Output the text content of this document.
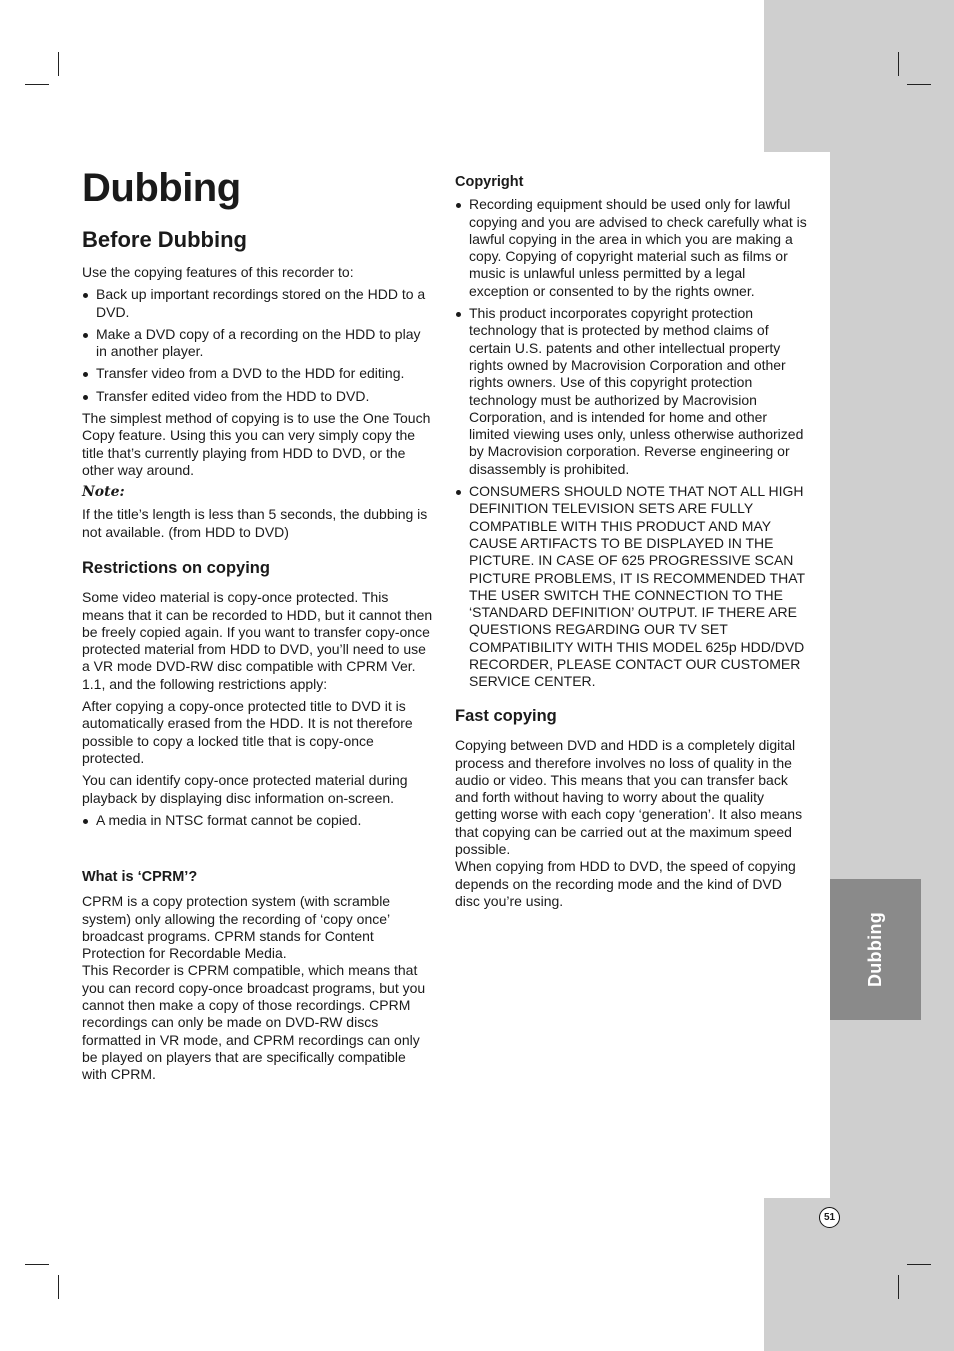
Dubbing
51
Dubbing
Before Dubbing

Use the copying features of this recorder to:

Back up important recordings stored on the HDD to a DVD.
Make a DVD copy of a recording on the HDD to play in another player.
Transfer video from a DVD to the HDD for editing.
Transfer edited video from the HDD to DVD.

The simplest method of copying is to use the One Touch Copy feature. Using this you can very simply copy the title that’s currently playing from HDD to DVD, or the other way around.

Note:

If the title’s length is less than 5 seconds, the dubbing is not available. (from HDD to DVD)

Restrictions on copying

Some video material is copy-once protected. This means that it can be recorded to HDD, but it cannot then be freely copied again. If you want to transfer copy-once protected material from HDD to DVD, you’ll need to use a VR mode DVD-RW disc compatible with CPRM Ver. 1.1, and the following restrictions apply:

After copying a copy-once protected title to DVD it is automatically erased from the HDD. It is not therefore possible to copy a locked title that is copy-once protected.

You can identify copy-once protected material during playback by displaying disc information on-screen.

A media in NTSC format cannot be copied.
What is ‘CPRM’?

CPRM is a copy protection system (with scramble system) only allowing the recording of ‘copy once’ broadcast programs. CPRM stands for Content Protection for Recordable Media.

This Recorder is CPRM compatible, which means that you can record copy-once broadcast programs, but you cannot then make a copy of those recordings. CPRM recordings can only be made on DVD-RW discs formatted in VR mode, and CPRM recordings can only be played on players that are specifically compatible with CPRM.

Copyright
Recording equipment should be used only for lawful copying and you are advised to check carefully what is lawful copying in the area in which you are making a copy. Copying of copyright material such as films or music is unlawful unless permitted by a legal exception or consented to by the rights owner.
This product incorporates copyright protection technology that is protected by method claims of certain U.S. patents and other intellectual property rights owned by Macrovision Corporation and other rights owners. Use of this copyright protection technology must be authorized by Macrovision Corporation, and is intended for home and other limited viewing uses only, unless otherwise authorized by Macrovision corporation. Reverse engineering or disassembly is prohibited.
CONSUMERS SHOULD NOTE THAT NOT ALL HIGH DEFINITION TELEVISION SETS ARE FULLY COMPATIBLE WITH THIS PRODUCT AND MAY CAUSE ARTIFACTS TO BE DISPLAYED IN THE PICTURE. IN CASE OF 625 PROGRESSIVE SCAN PICTURE PROBLEMS, IT IS RECOMMENDED THAT THE USER SWITCH THE CONNECTION TO THE ‘STANDARD DEFINITION’ OUTPUT. IF THERE ARE QUESTIONS REGARDING OUR TV SET COMPATIBILITY WITH THIS MODEL 625p HDD/DVD RECORDER, PLEASE CONTACT OUR CUSTOMER SERVICE CENTER.
Fast copying

Copying between DVD and HDD is a completely digital process and therefore involves no loss of quality in the audio or video. This means that you can transfer back and forth without having to worry about the quality getting worse with each copy ‘generation’. It also means that copying can be carried out at the maximum speed possible.

When copying from HDD to DVD, the speed of copying depends on the recording mode and the kind of DVD disc you’re using.
